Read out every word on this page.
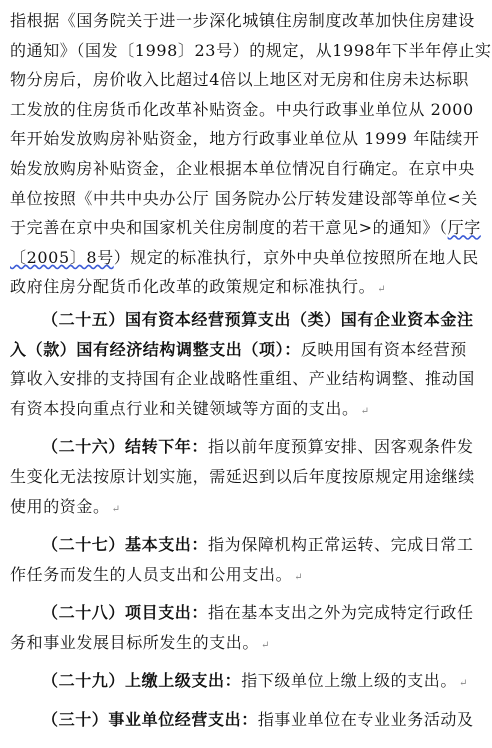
指根据《国务院关于进一步深化城镇住房制度改革加快住房建设
的通知》（国发〔1998〕23号）的规定，从1998年下半年停止实
物分房后，房价收入比超过4倍以上地区对无房和住房未达标职
工发放的住房货币化改革补贴资金。中央行政事业单位从 2000
年开始发放购房补贴资金，地方行政事业单位从 1999 年陆续开
始发放购房补贴资金，企业根据本单位情况自行确定。在京中央
单位按照《中共中央办公厅 国务院办公厅转发建设部等单位<关
于完善在京中央和国家机关住房制度的若干意见>的通知》（厅字
〔2005〕8号）规定的标准执行，京外中央单位按照所在地人民
政府住房分配货币化改革的政策规定和标准执行。 ↵
（二十五）国有资本经营预算支出（类）国有企业资本金注
入（款）国有经济结构调整支出（项）：反映用国有资本经营预
算收入安排的支持国有企业战略性重组、产业结构调整、推动国
有资本投向重点行业和关键领域等方面的支出。 ↵
（二十六）结转下年：指以前年度预算安排、因客观条件发
生变化无法按原计划实施，需延迟到以后年度按原规定用途继续
使用的资金。 ↵
（二十七）基本支出：指为保障机构正常运转、完成日常工
作任务而发生的人员支出和公用支出。 ↵
（二十八）项目支出：指在基本支出之外为完成特定行政任
务和事业发展目标所发生的支出。 ↵
（二十九）上缴上级支出：指下级单位上缴上级的支出。 ↵
（三十）事业单位经营支出：指事业单位在专业业务活动及
